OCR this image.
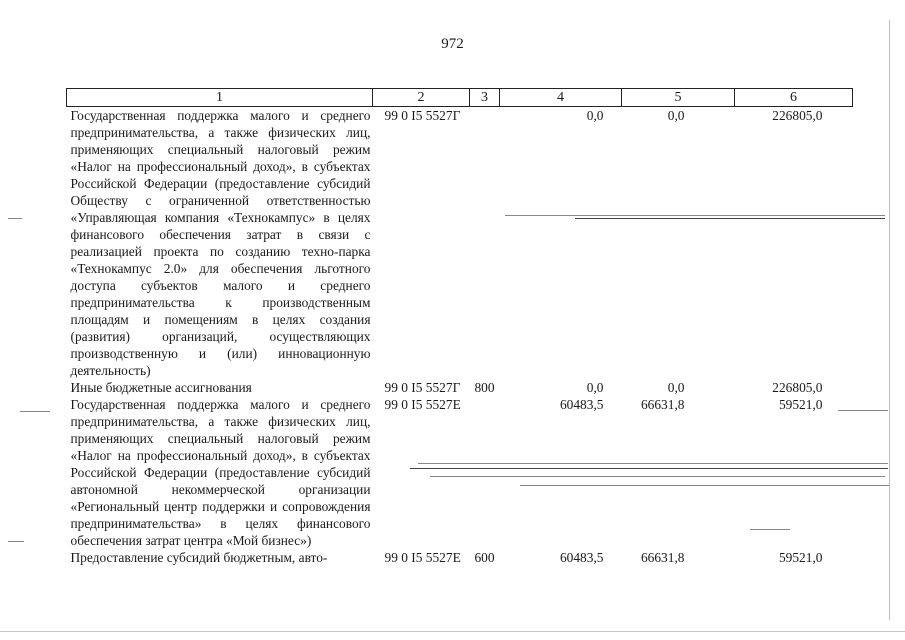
972
1	2	3	4	5	6
Государственная поддержка малого и среднего предпринимательства, а также физических лиц, применяющих специальный налоговый режим «Налог на профессиональный доход», в субъектах Российской Федерации (предоставление субсидий Обществу с ограниченной ответственностью «Управляющая компания «Технокампус» в целях финансового обеспечения затрат в связи с реализацией проекта по созданию техно-парка «Технокампус 2.0» для обеспечения льготного доступа субъектов малого и среднего предпринимательства к производственным площадям и помещениям в целях создания (развития) организаций, осуществляющих производственную и (или) инновационную деятельность)	99 0 I5 5527Г		0,0	0,0	226805,0
Иные бюджетные ассигнования	99 0 I5 5527Г	800	0,0	0,0	226805,0
Государственная поддержка малого и среднего предпринимательства, а также физических лиц, применяющих специальный налоговый режим «Налог на профессиональный доход», в субъектах Российской Федерации (предоставление субсидий автономной некоммерческой организации «Региональный центр поддержки и сопровождения предпринимательства» в целях финансового обеспечения затрат центра «Мой бизнес»)	99 0 I5 5527Е		60483,5	66631,8	59521,0
Предоставление субсидий бюджетным, авто-	99 0 I5 5527Е	600	60483,5	66631,8	59521,0
